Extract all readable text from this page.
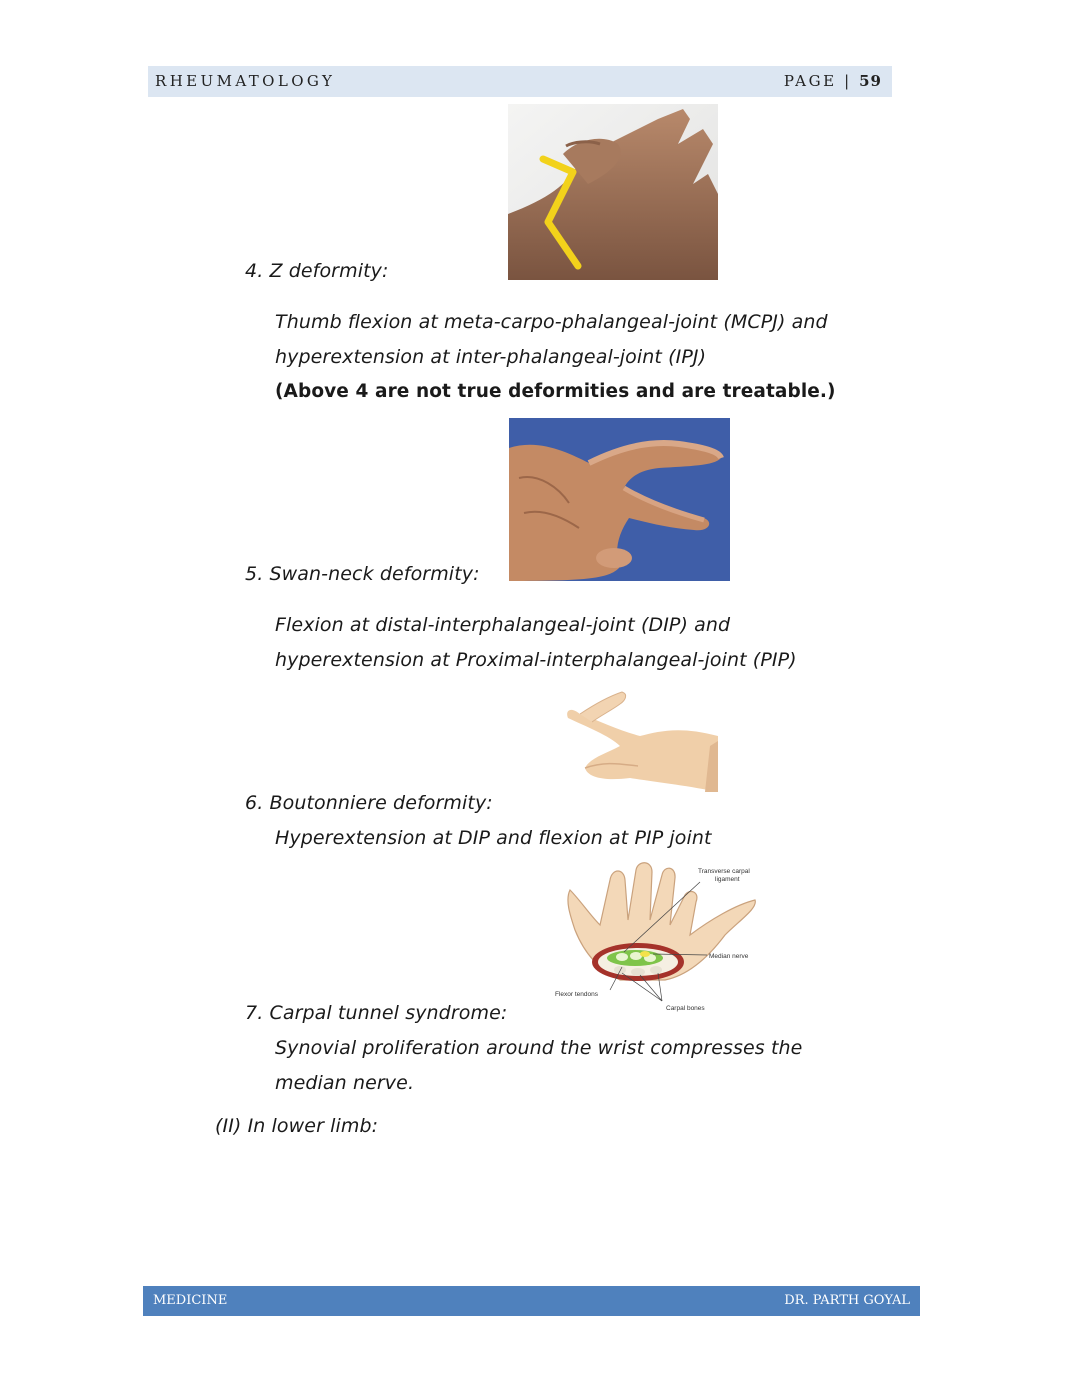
RHEUMATOLOGY	PAGE | 59
4. Z deformity:
Thumb flexion at meta-carpo-phalangeal-joint (MCPJ) and
hyperextension at inter-phalangeal-joint (IPJ)
(Above 4 are not true deformities and are treatable.)
5. Swan-neck deformity:
Flexion at distal-interphalangeal-joint (DIP) and
hyperextension at Proximal-interphalangeal-joint (PIP)
6. Boutonniere deformity:
Hyperextension at DIP and flexion at PIP joint
Transverse carpal
ligament
Median nerve
Flexor tendons
Carpal bones
7. Carpal tunnel syndrome:
Synovial proliferation around the wrist compresses the
median nerve.
(II) In lower limb:
MEDICINE	DR. PARTH GOYAL
